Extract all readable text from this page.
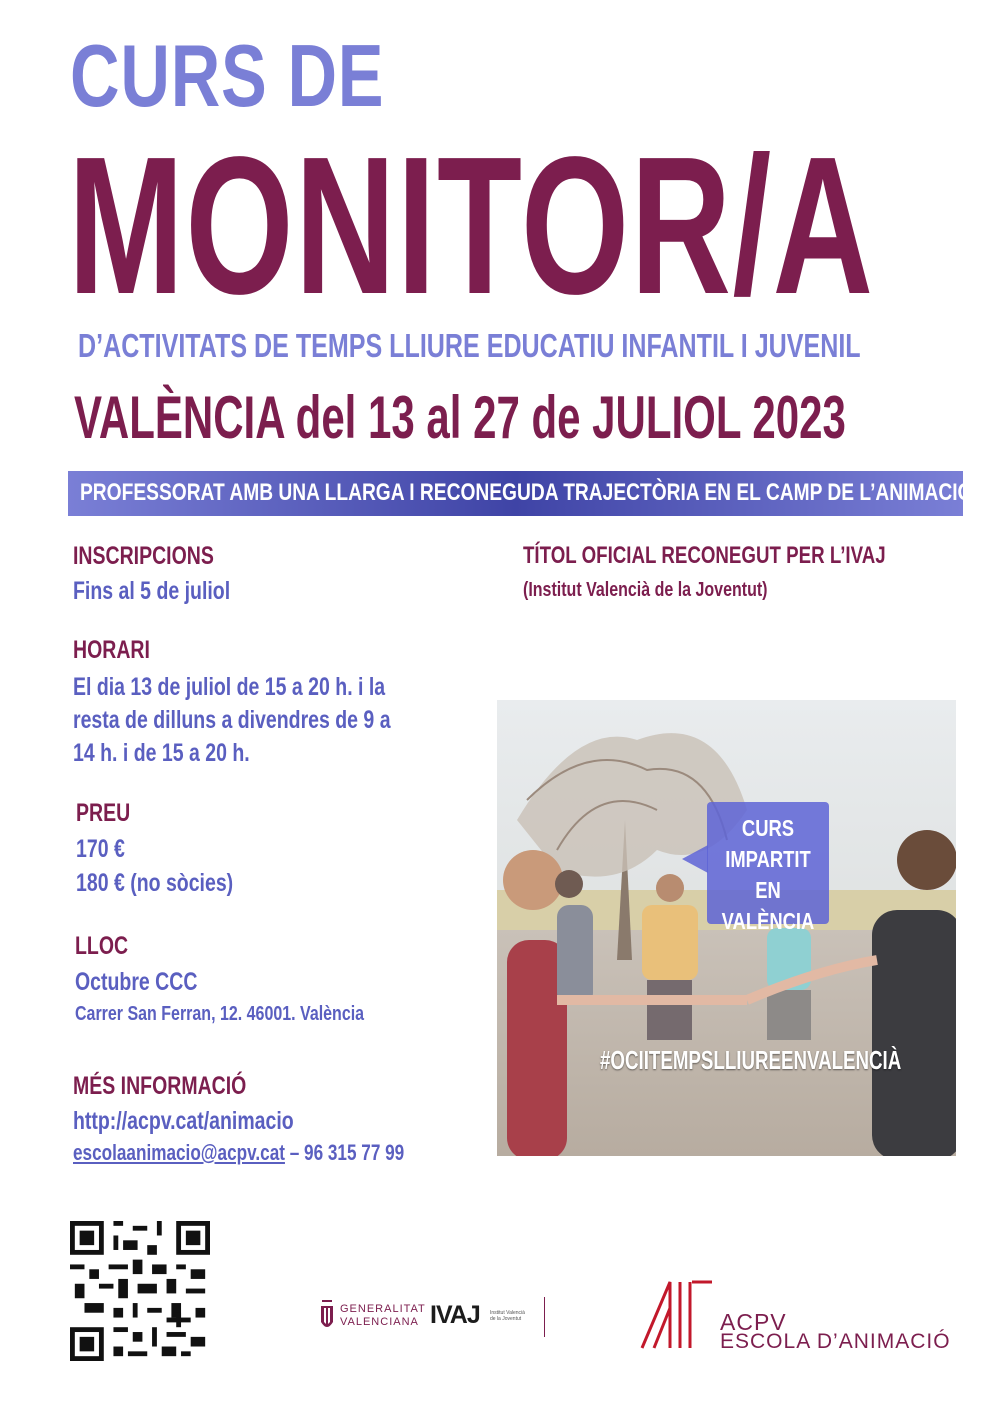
CURS DE
MONITOR/A
D’ACTIVITATS DE TEMPS LLIURE EDUCATIU INFANTIL I JUVENIL
VALÈNCIA del 13 al 27 de JULIOL 2023
PROFESSORAT AMB UNA LLARGA I RECONEGUDA TRAJECTÒRIA EN EL CAMP DE L’ANIMACIÓ
INSCRIPCIONS
Fins al 5 de juliol
HORARI
El dia 13 de juliol de 15 a 20 h. i la
resta de dilluns a divendres de 9 a
14 h. i de 15 a 20 h.
PREU
170 €
180 € (no sòcies)
LLOC
Octubre CCC
Carrer San Ferran, 12. 46001. València
MÉS INFORMACIÓ
http://acpv.cat/animacio
escolaanimacio@acpv.cat – 96 315 77 99
TÍTOL OFICIAL RECONEGUT PER L’IVAJ
(Institut Valencià de la Joventut)
CURS
IMPARTIT EN
VALÈNCIA
#OCIITEMPSLLIUREENVALENCIÀ
GENERALITAT
VALENCIANA IVAJ Institut Valencià
de la Joventut	ACPV
ESCOLA D’ANIMACIÓ
